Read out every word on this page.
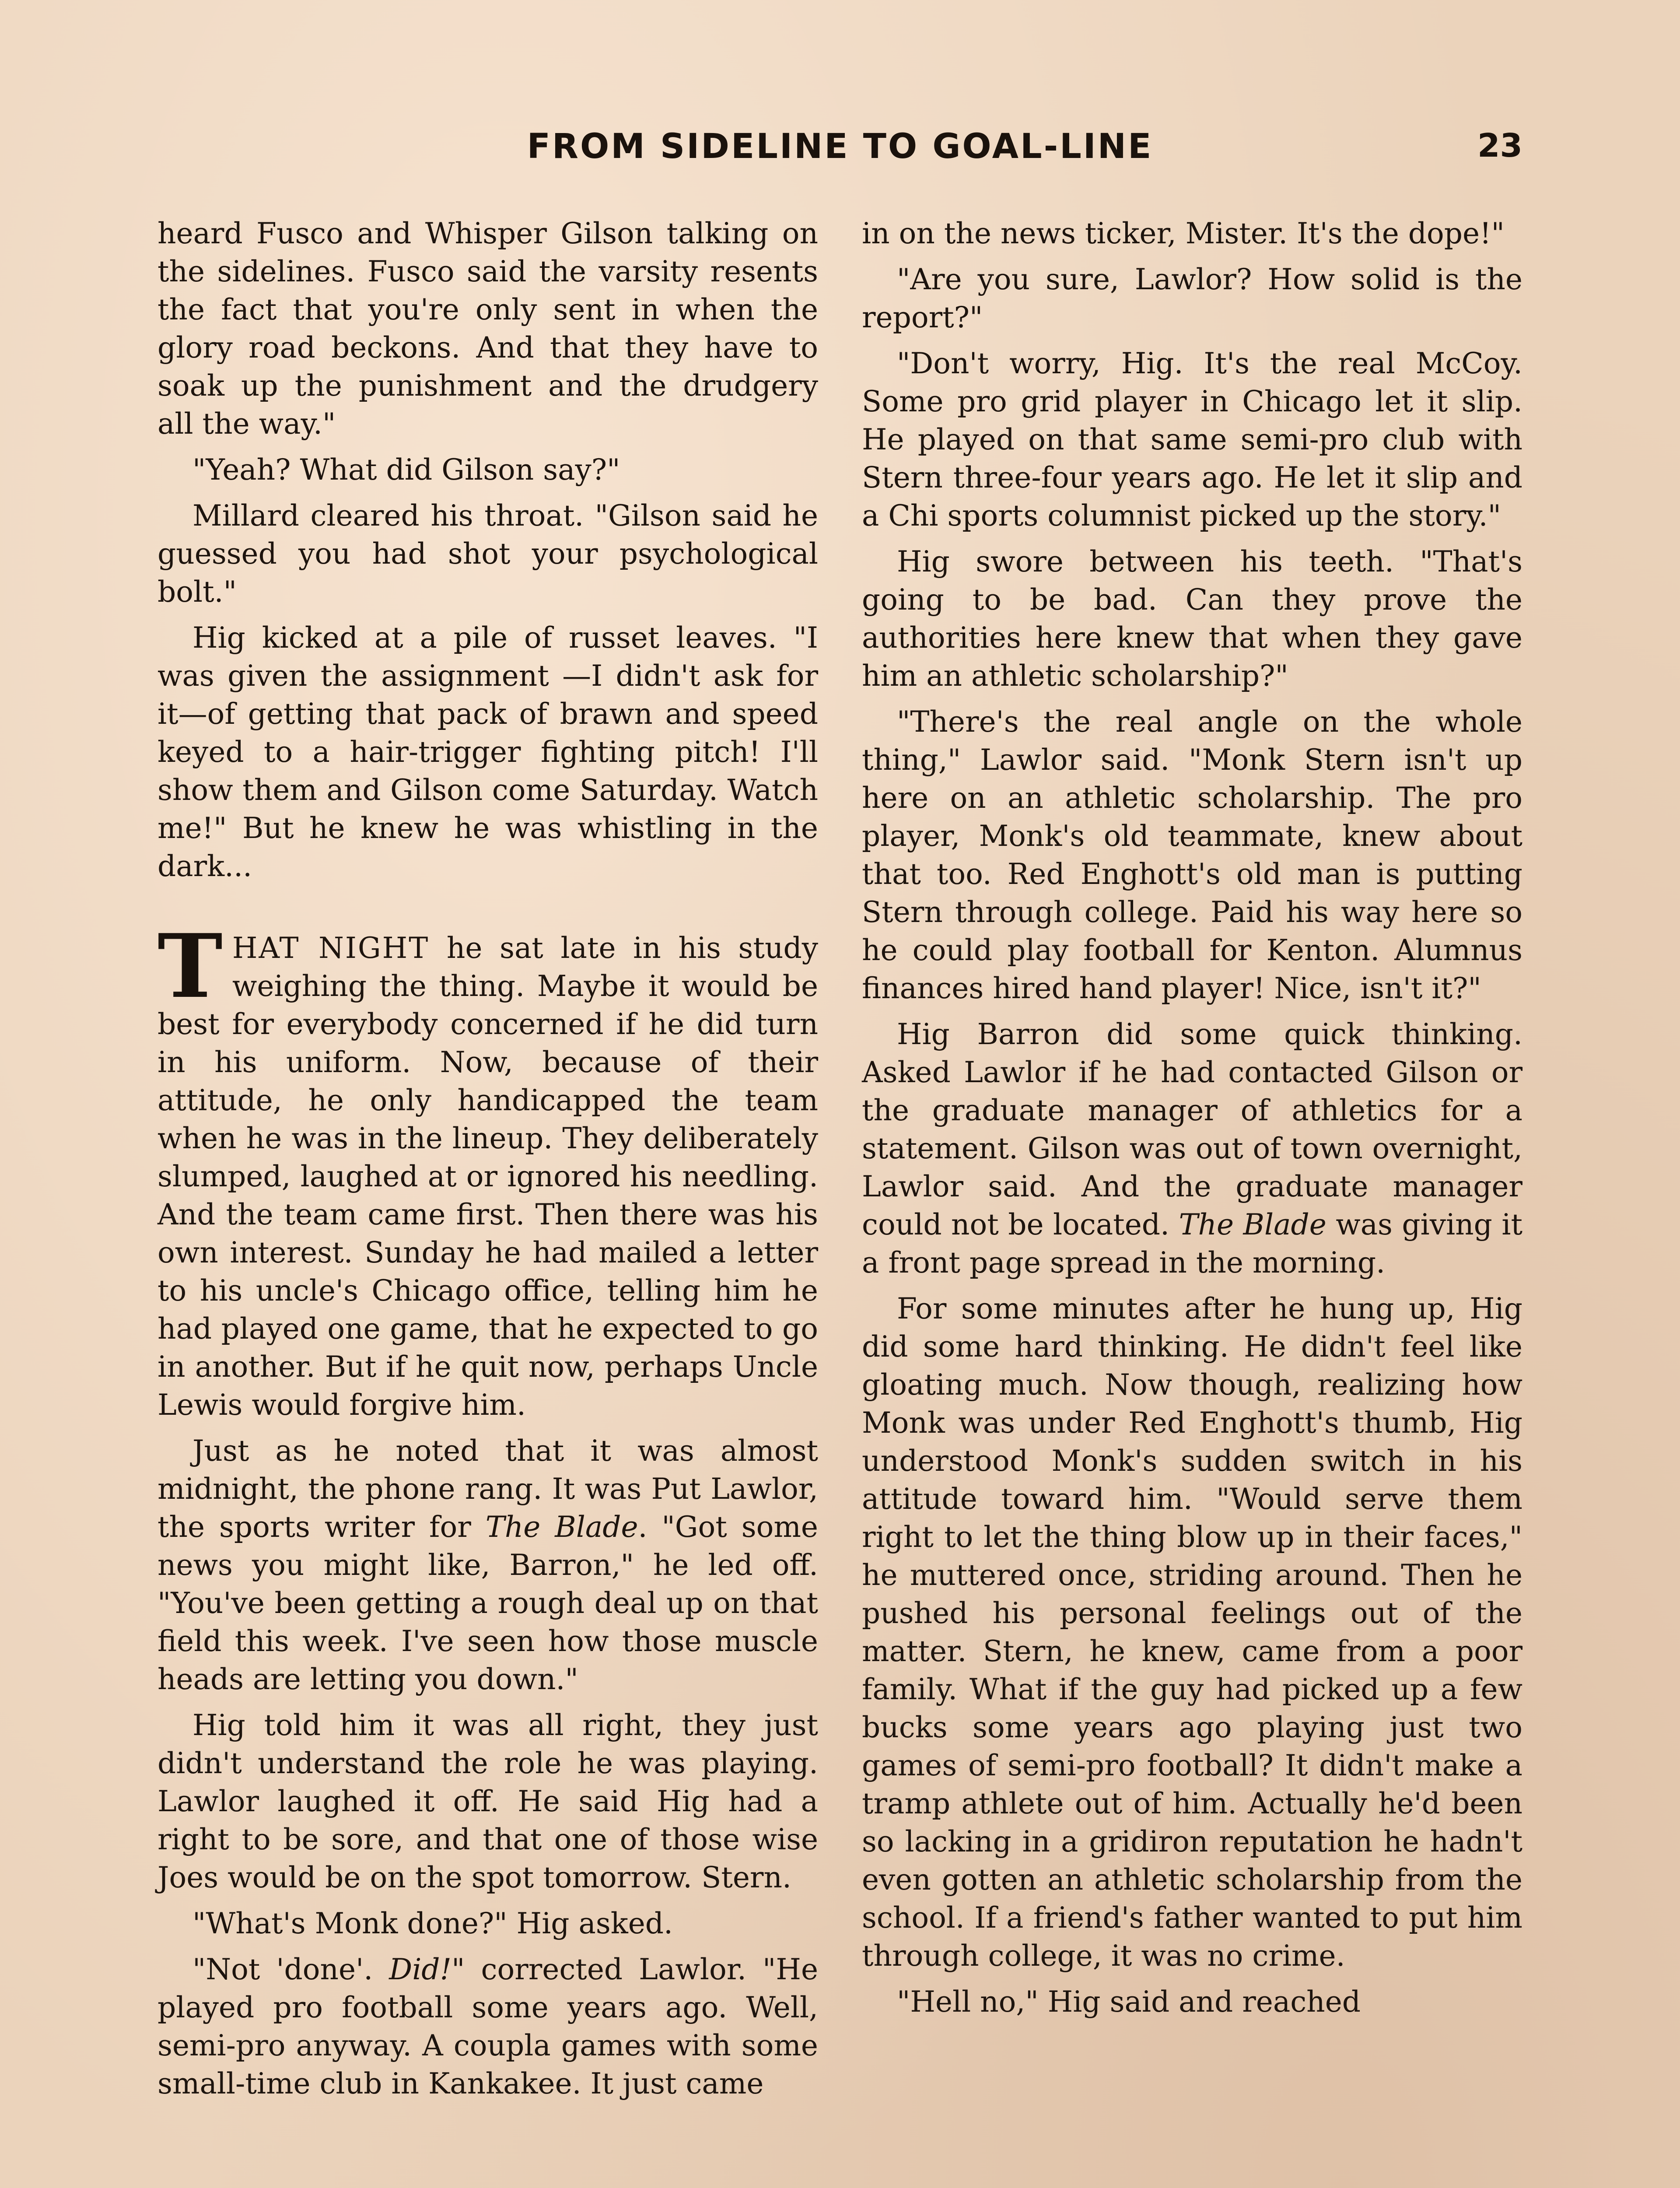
FROM SIDELINE TO GOAL-LINE	23

heard Fusco and Whisper Gilson talking on the sidelines. Fusco said the varsity resents the fact that you're only sent in when the glory road beckons. And that they have to soak up the punishment and the drudgery all the way."

"Yeah? What did Gilson say?"

Millard cleared his throat. "Gilson said he guessed you had shot your psychological bolt."

Hig kicked at a pile of russet leaves. "I was given the assignment —I didn't ask for it—of getting that pack of brawn and speed keyed to a hair-trigger fighting pitch! I'll show them and Gilson come Saturday. Watch me!" But he knew he was whistling in the dark...

THAT NIGHT he sat late in his study weighing the thing. Maybe it would be best for everybody concerned if he did turn in his uniform. Now, because of their attitude, he only handicapped the team when he was in the lineup. They deliberately slumped, laughed at or ignored his needling. And the team came first. Then there was his own interest. Sunday he had mailed a letter to his uncle's Chicago office, telling him he had played one game, that he expected to go in another. But if he quit now, perhaps Uncle Lewis would forgive him.

Just as he noted that it was almost midnight, the phone rang. It was Put Lawlor, the sports writer for The Blade. "Got some news you might like, Barron," he led off. "You've been getting a rough deal up on that field this week. I've seen how those muscle heads are letting you down."

Hig told him it was all right, they just didn't understand the role he was playing. Lawlor laughed it off. He said Hig had a right to be sore, and that one of those wise Joes would be on the spot tomorrow. Stern.

"What's Monk done?" Hig asked.

"Not 'done'. Did!" corrected Lawlor. "He played pro football some years ago. Well, semi-pro anyway. A coupla games with some small-time club in Kankakee. It just came

in on the news ticker, Mister. It's the dope!"

"Are you sure, Lawlor? How solid is the report?"

"Don't worry, Hig. It's the real McCoy. Some pro grid player in Chicago let it slip. He played on that same semi-pro club with Stern three-four years ago. He let it slip and a Chi sports columnist picked up the story."

Hig swore between his teeth. "That's going to be bad. Can they prove the authorities here knew that when they gave him an athletic scholarship?"

"There's the real angle on the whole thing," Lawlor said. "Monk Stern isn't up here on an athletic scholarship. The pro player, Monk's old teammate, knew about that too. Red Enghott's old man is putting Stern through college. Paid his way here so he could play football for Kenton. Alumnus finances hired hand player! Nice, isn't it?"

Hig Barron did some quick thinking. Asked Lawlor if he had contacted Gilson or the graduate manager of athletics for a statement. Gilson was out of town overnight, Lawlor said. And the graduate manager could not be located. The Blade was giving it a front page spread in the morning.

For some minutes after he hung up, Hig did some hard thinking. He didn't feel like gloating much. Now though, realizing how Monk was under Red Enghott's thumb, Hig understood Monk's sudden switch in his attitude toward him. "Would serve them right to let the thing blow up in their faces," he muttered once, striding around. Then he pushed his personal feelings out of the matter. Stern, he knew, came from a poor family. What if the guy had picked up a few bucks some years ago playing just two games of semi-pro football? It didn't make a tramp athlete out of him. Actually he'd been so lacking in a gridiron reputation he hadn't even gotten an athletic scholarship from the school. If a friend's father wanted to put him through college, it was no crime.

"Hell no," Hig said and reached
